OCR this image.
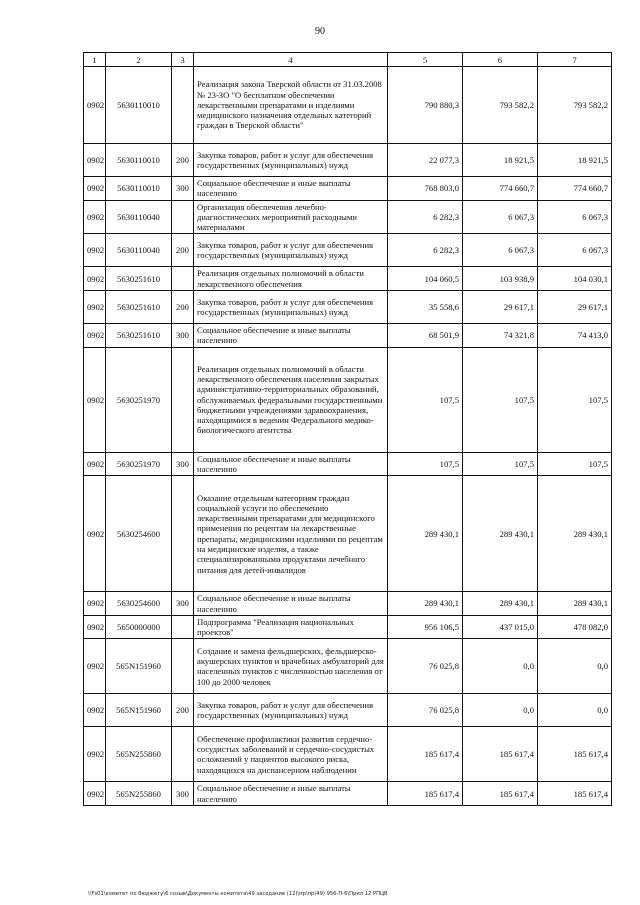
90
1	2	3	4	5	6	7
0902	5630110010		Реализация закона Тверской области от 31.03.2008 № 23-ЗО "О бесплатном обеспечении лекарственными препаратами и изделиями медицинского назначения отдельных категорий граждан в Тверской области"	790 880,3	793 582,2	793 582,2
0902	5630110010	200	Закупка товаров, работ и услуг для обеспечения государственных (муниципальных) нужд	22 077,3	18 921,5	18 921,5
0902	5630110010	300	Социальное обеспечение и иные выплаты населению	768 803,0	774 660,7	774 660,7
0902	5630110040		Организация обеспечения лечебно-диагностических мероприятий расходными материалами	6 282,3	6 067,3	6 067,3
0902	5630110040	200	Закупка товаров, работ и услуг для обеспечения государственных (муниципальных) нужд	6 282,3	6 067,3	6 067,3
0902	5630251610		Реализация отдельных полномочий в области лекарственного обеспечения	104 060,5	103 938,9	104 030,1
0902	5630251610	200	Закупка товаров, работ и услуг для обеспечения государственных (муниципальных) нужд	35 558,6	29 617,1	29 617,1
0902	5630251610	300	Социальное обеспечение и иные выплаты населению	68 501,9	74 321,8	74 413,0
0902	5630251970		Реализация отдельных полномочий в области лекарственного обеспечения населения закрытых административно-территориальных образований, обслуживаемых федеральными государственными бюджетными учреждениями здравоохранения, находящимися в ведении Федерального медико-биологического агентства	107,5	107,5	107,5
0902	5630251970	300	Социальное обеспечение и иные выплаты населению	107,5	107,5	107,5
0902	5630254600		Оказание отдельным категориям граждан социальной услуги по обеспечению лекарственными препаратами для медицинского применения по рецептам на лекарственные препараты, медицинскими изделиями по рецептам на медицинские изделия, а также специализированными продуктами лечебного питания для детей-инвалидов	289 430,1	289 430,1	289 430,1
0902	5630254600	300	Социальное обеспечение и иные выплаты населению	289 430,1	289 430,1	289 430,1
0902	5650000000		Подпрограмма "Реализация национальных проектов"	956 106,5	437 015,0	478 082,0
0902	565N151960		Создание и замена фельдшерских, фельдшерско-акушерских пунктов и врачебных амбулаторий для населенных пунктов с численностью населения от 100 до 2000 человек	76 025,8	0,0	0,0
0902	565N151960	200	Закупка товаров, работ и услуг для обеспечения государственных (муниципальных) нужд	76 025,8	0,0	0,0
0902	565N255860		Обеспечение профилактики развития сердечно-сосудистых заболеваний и сердечно-сосудистых осложнений у пациентов высокого риска, находящихся на диспансерном наблюдении	185 617,4	185 617,4	185 617,4
0902	565N255860	300	Социальное обеспечение и иные выплаты населению	185 617,4	185 617,4	185 617,4
\\Fs01\комитет по бюджету\6 созыв\Документы комитета\49 заседание (12)\пр\пр(49) 956-П-6\Прил 12 РПЦВ
